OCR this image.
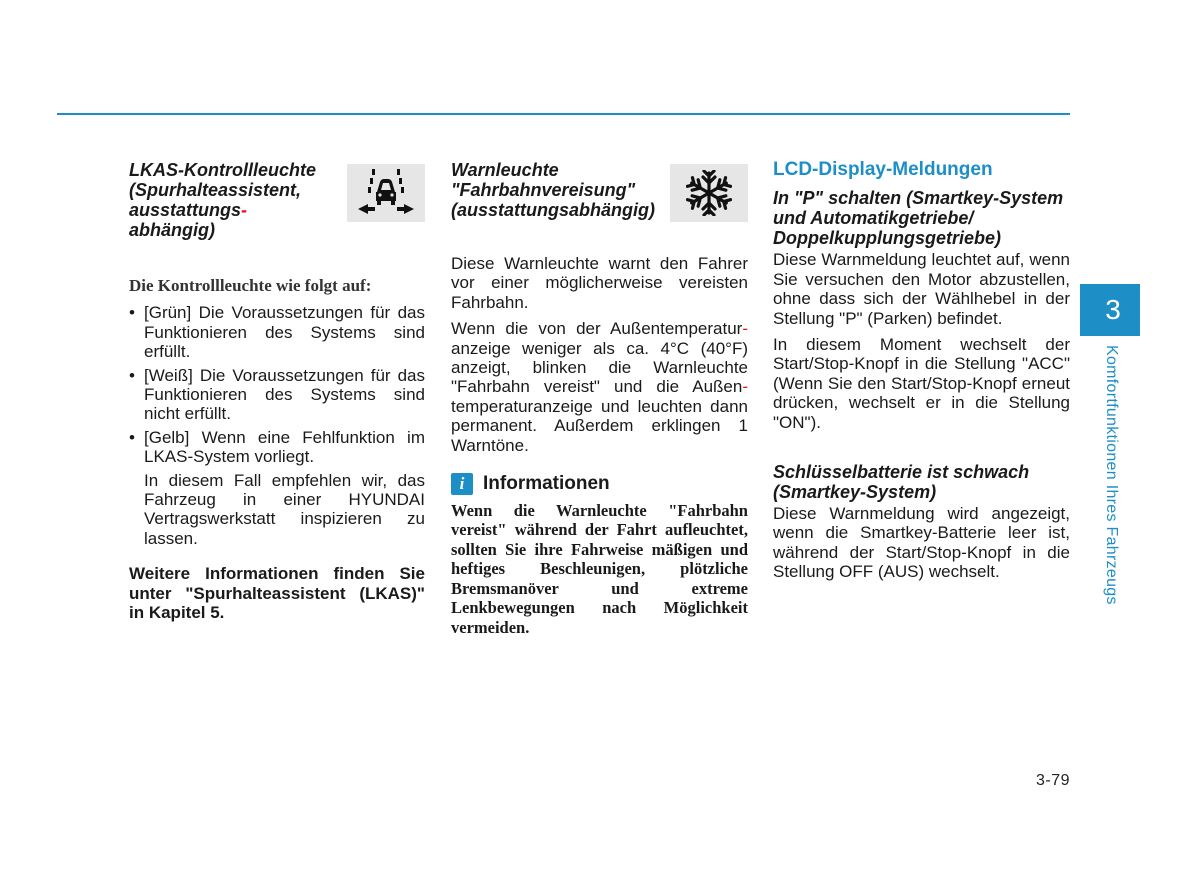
LKAS-Kontrollleuchte
(Spurhalteassistent,
ausstattungs-
abhängig)

Die Kontrollleuchte wie folgt auf:

• [Grün] Die Voraussetzungen für das Funktionieren des Systems sind erfüllt.
• [Weiß] Die Voraussetzungen für das Funktionieren des Systems sind nicht erfüllt.
• [Gelb] Wenn eine Fehlfunktion im LKAS-System vorliegt.

In diesem Fall empfehlen wir, das Fahrzeug in einer HYUNDAI Vertragswerkstatt inspizieren zu lassen.

Weitere Informationen finden Sie unter "Spurhalteassistent (LKAS)" in Kapitel 5.

Warnleuchte
"Fahrbahnvereisung"
(ausstattungsabhängig)

Diese Warnleuchte warnt den Fahrer vor einer möglicherweise vereisten Fahrbahn.

Wenn die von der Außentemperatur- anzeige weniger als ca. 4°C (40°F) anzeigt, blinken die Warnleuchte "Fahrbahn vereist" und die Außen- temperaturanzeige und leuchten dann permanent. Außerdem erklingen 1 Warntöne.

i Informationen

Wenn die Warnleuchte "Fahrbahn vereist" während der Fahrt aufleuchtet, sollten Sie ihre Fahrweise mäßigen und heftiges Beschleunigen, plötzliche Bremsmanöver und extreme Lenkbewegungen nach Möglichkeit vermeiden.

LCD-Display-Meldungen

In "P" schalten (Smartkey-System und Automatikgetriebe/ Doppelkupplungsgetriebe)

Diese Warnmeldung leuchtet auf, wenn Sie versuchen den Motor abzustellen, ohne dass sich der Wählhebel in der Stellung "P" (Parken) befindet.

In diesem Moment wechselt der Start/Stop-Knopf in die Stellung "ACC" (Wenn Sie den Start/Stop-Knopf erneut drücken, wechselt er in die Stellung "ON").

Schlüsselbatterie ist schwach (Smartkey-System)

Diese Warnmeldung wird angezeigt, wenn die Smartkey-Batterie leer ist, während der Start/Stop-Knopf in die Stellung OFF (AUS) wechselt.

3
Komfortfunktionen Ihres Fahrzeugs
3-79
